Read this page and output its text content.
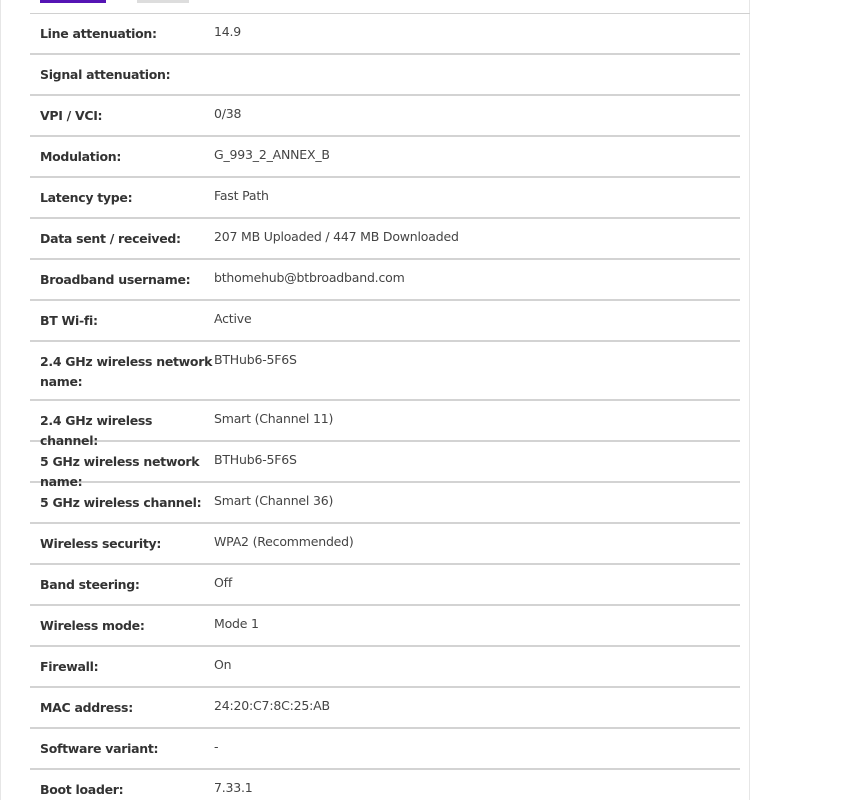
Line attenuation:	14.9
Signal attenuation:
VPI / VCI:	0/38
Modulation:	G_993_2_ANNEX_B
Latency type:	Fast Path
Data sent / received:	207 MB Uploaded / 447 MB Downloaded
Broadband username:	bthomehub@btbroadband.com
BT Wi-fi:	Active
2.4 GHz wireless network name:
BTHub6-5F6S
2.4 GHz wireless channel:
Smart (Channel 11)
5 GHz wireless network name:
BTHub6-5F6S
5 GHz wireless channel:	Smart (Channel 36)
Wireless security:	WPA2 (Recommended)
Band steering:	Off
Wireless mode:	Mode 1
Firewall:	On
MAC address:	24:20:C7:8C:25:AB
Software variant:	-
Boot loader:	7.33.1
